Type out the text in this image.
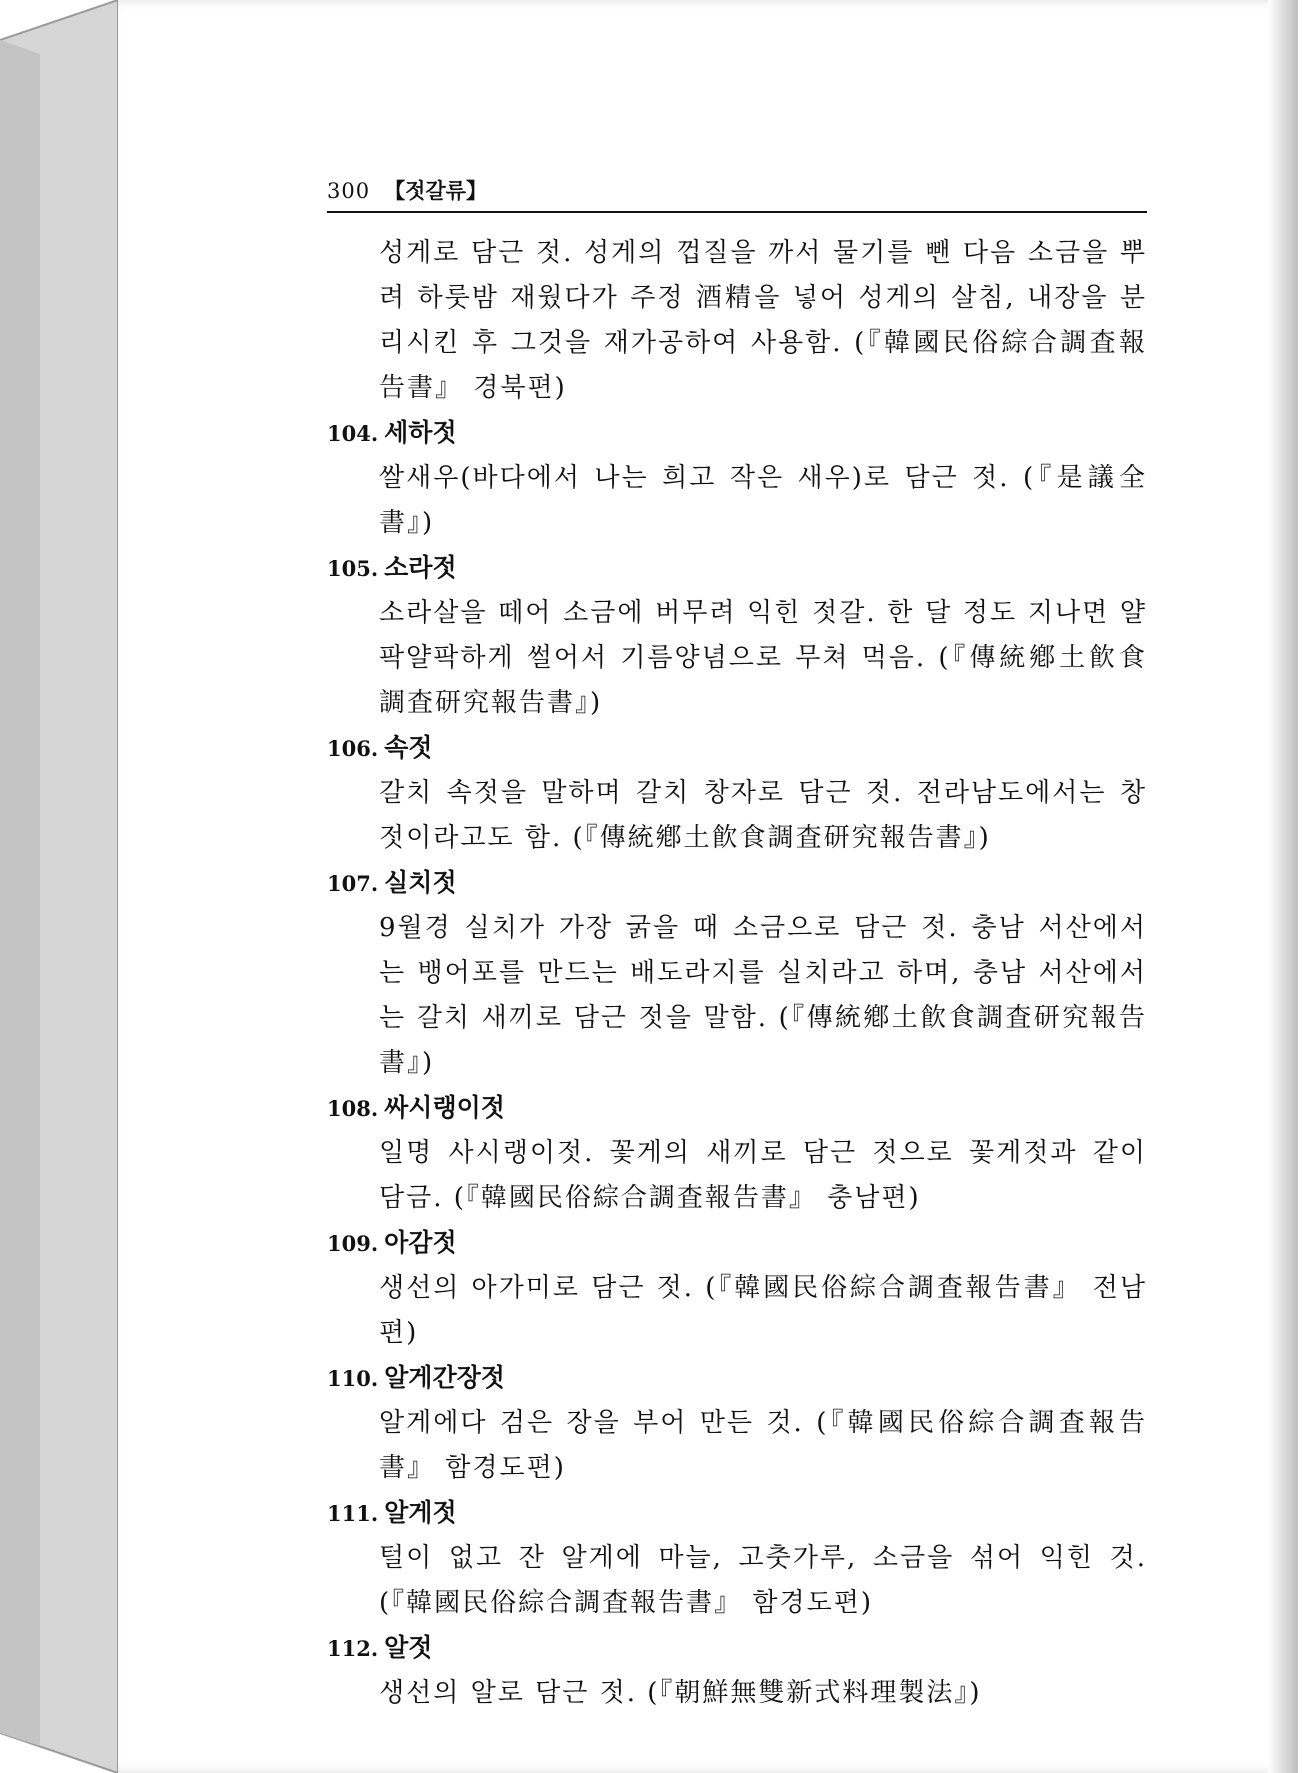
300 【젓갈류】

성게로 담근 젓. 성게의 껍질을 까서 물기를 뺀 다음 소금을 뿌려 하룻밤 재웠다가 주정 酒精을 넣어 성게의 살침, 내장을 분리시킨 후 그것을 재가공하여 사용함. (『韓國民俗綜合調査報告書』 경북편)

104. 세하젓

쌀새우(바다에서 나는 희고 작은 새우)로 담근 젓. (『是議全書』)

105. 소라젓

소라살을 떼어 소금에 버무려 익힌 젓갈. 한 달 정도 지나면 얄팍얄팍하게 썰어서 기름양념으로 무쳐 먹음. (『傳統鄕土飮食調査研究報告書』)

106. 속젓

갈치 속젓을 말하며 갈치 창자로 담근 젓. 전라남도에서는 창젓이라고도 함. (『傳統鄕土飮食調査研究報告書』)

107. 실치젓

9월경 실치가 가장 굵을 때 소금으로 담근 젓. 충남 서산에서는 뱅어포를 만드는 배도라지를 실치라고 하며, 충남 서산에서는 갈치 새끼로 담근 젓을 말함. (『傳統鄕土飮食調査研究報告書』)

108. 싸시랭이젓

일명 사시랭이젓. 꽃게의 새끼로 담근 젓으로 꽃게젓과 같이 담금. (『韓國民俗綜合調査報告書』 충남편)

109. 아감젓

생선의 아가미로 담근 젓. (『韓國民俗綜合調査報告書』 전남편)

110. 알게간장젓

알게에다 검은 장을 부어 만든 것. (『韓國民俗綜合調査報告書』 함경도편)

111. 알게젓

털이 없고 잔 알게에 마늘, 고춧가루, 소금을 섞어 익힌 것. (『韓國民俗綜合調査報告書』 함경도편)

112. 알젓

생선의 알로 담근 젓. (『朝鮮無雙新式料理製法』)
